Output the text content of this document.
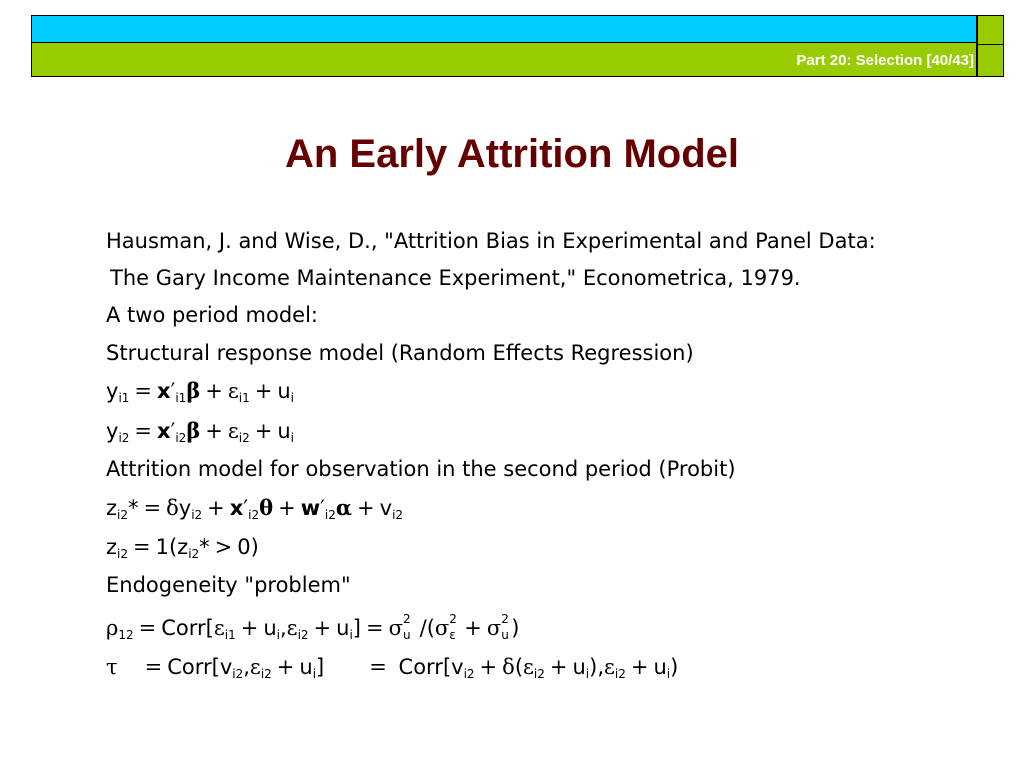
Part 20: Selection [40/43]
An Early Attrition Model
Hausman, J. and Wise, D., "Attrition Bias in Experimental and Panel Data:
The Gary Income Maintenance Experiment," Econometrica, 1979.
A two period model:
Structural response model (Random Effects Regression)
$y_{i1} = x'_{i1}\beta + \varepsilon_{i1} + u_i$
$y_{i2} = x'_{i2}\beta + \varepsilon_{i2} + u_i$
Attrition model for observation in the second period (Probit)
$z_{i2}* = \delta y_{i2} + x'_{i2}\theta + w'_{i2}\alpha + v_{i2}$
$z_{i2} = 1(z_{i2}* > 0)$
Endogeneity "problem"
$\rho_{12}$ = $Corr[\varepsilon_{i1} + u_i,\varepsilon_{i2} + u_i] = \sigma$ 2
u /(σ 2
ε + σ 2
u )
$\tau = Corr[v_{i2},\varepsilon_{i2} + u_i]$ = $Corr[v_{i2} + \delta(\varepsilon_{i2} + u_i),\varepsilon_{i2} + u_i)$
